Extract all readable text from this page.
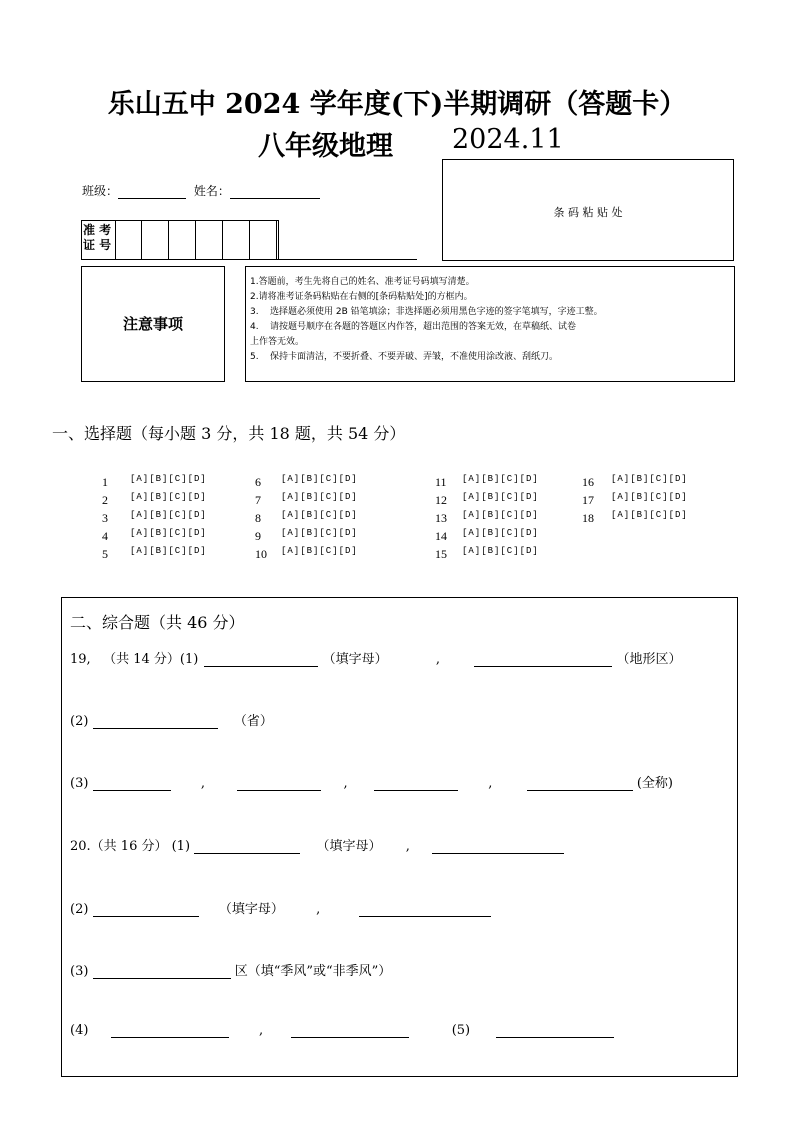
乐山五中 2024 学年度(下)半期调研（答题卡）
八年级地理 2024.11
班级：	姓名：
准 考
证 号
条 码 粘 贴 处
注意事项
1.答题前，考生先将自己的姓名、准考证号码填写清楚。
2.请将准考证条码粘贴在右侧的[条码粘贴处]的方框内。
3.    选择题必须使用 2B 铅笔填涂；非选择题必须用黑色字迹的签字笔填写，字迹工整。
4.    请按题号顺序在各题的答题区内作答，超出范围的答案无效，在草稿纸、试卷
上作答无效。
5.    保持卡面清洁，不要折叠、不要弄破、弄皱，不准使用涂改液、刮纸刀。
一、选择题（每小题 3 分，共 18 题，共 54 分）
1 [A][B][C][D]
2 [A][B][C][D]
3 [A][B][C][D]
4 [A][B][C][D]
5 [A][B][C][D]
6 [A][B][C][D]
7 [A][B][C][D]
8 [A][B][C][D]
9 [A][B][C][D]
10 [A][B][C][D]
11 [A][B][C][D]
12 [A][B][C][D]
13 [A][B][C][D]
14 [A][B][C][D]
15 [A][B][C][D]
16 [A][B][C][D]
17 [A][B][C][D]
18 [A][B][C][D]
二、综合题（共 46 分）
19,   （共 14 分）(1)	（填字母）	,	（地形区）
(2)	（省）
(3)	,	,	,	(全称)
20.（共 16 分） (1)	（填字母） ,
(2)	（填字母） ,
(3)	区（填“季风”或“非季风”）
(4)	,	(5)
